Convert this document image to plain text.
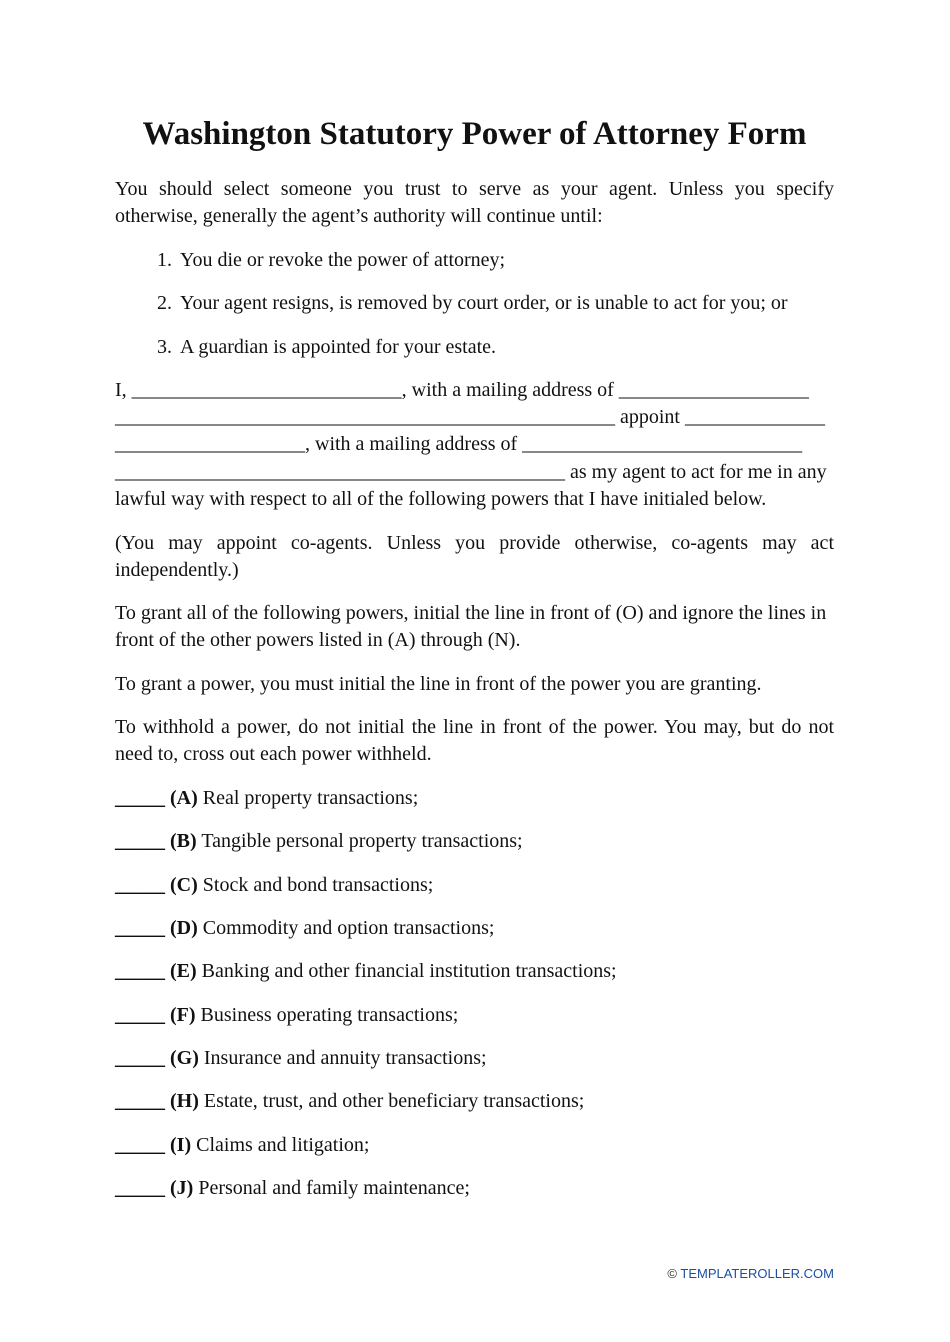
Washington Statutory Power of Attorney Form

You should select someone you trust to serve as your agent. Unless you specify otherwise, generally the agent’s authority will continue until:

1. You die or revoke the power of attorney;
2. Your agent resigns, is removed by court order, or is unable to act for you; or
3. A guardian is appointed for your estate.
I, ___________________________, with a mailing address of ___________________
__________________________________________________ appoint ______________
___________________, with a mailing address of ____________________________
_____________________________________________ as my agent to act for me in any
lawful way with respect to all of the following powers that I have initialed below.

(You may appoint co-agents. Unless you provide otherwise, co-agents may act independently.)

To grant all of the following powers, initial the line in front of (O) and ignore the lines in front of the other powers listed in (A) through (N).

To grant a power, you must initial the line in front of the power you are granting.

To withhold a power, do not initial the line in front of the power. You may, but do not need to, cross out each power withheld.

_____ (A) Real property transactions;
_____ (B) Tangible personal property transactions;
_____ (C) Stock and bond transactions;
_____ (D) Commodity and option transactions;
_____ (E) Banking and other financial institution transactions;
_____ (F) Business operating transactions;
_____ (G) Insurance and annuity transactions;
_____ (H) Estate, trust, and other beneficiary transactions;
_____ (I) Claims and litigation;
_____ (J) Personal and family maintenance;
© TEMPLATEROLLER.COM
